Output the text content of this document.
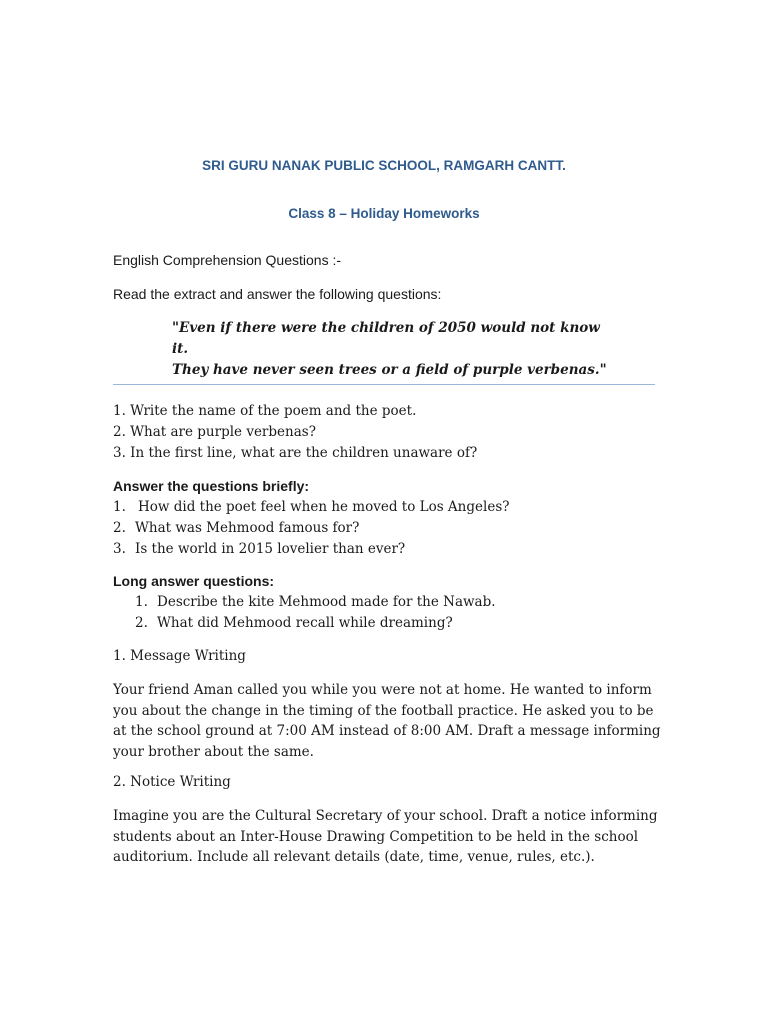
SRI GURU NANAK PUBLIC SCHOOL, RAMGARH CANTT.
Class 8 – Holiday Homeworks
English Comprehension Questions :-
Read the extract and answer the following questions:
"Even if there were the children of 2050 would not know
it.
They have never seen trees or a field of purple verbenas."
1. Write the name of the poem and the poet.
2. What are purple verbenas?
3. In the first line, what are the children unaware of?
Answer the questions briefly:
1. How did the poet feel when he moved to Los Angeles?
2. What was Mehmood famous for?
3. Is the world in 2015 lovelier than ever?
Long answer questions:
1. Describe the kite Mehmood made for the Nawab.
2. What did Mehmood recall while dreaming?
1. Message Writing
Your friend Aman called you while you were not at home. He wanted to inform you about the change in the timing of the football practice. He asked you to be at the school ground at 7:00 AM instead of 8:00 AM. Draft a message informing your brother about the same.
2. Notice Writing
Imagine you are the Cultural Secretary of your school. Draft a notice informing students about an Inter-House Drawing Competition to be held in the school auditorium. Include all relevant details (date, time, venue, rules, etc.).
